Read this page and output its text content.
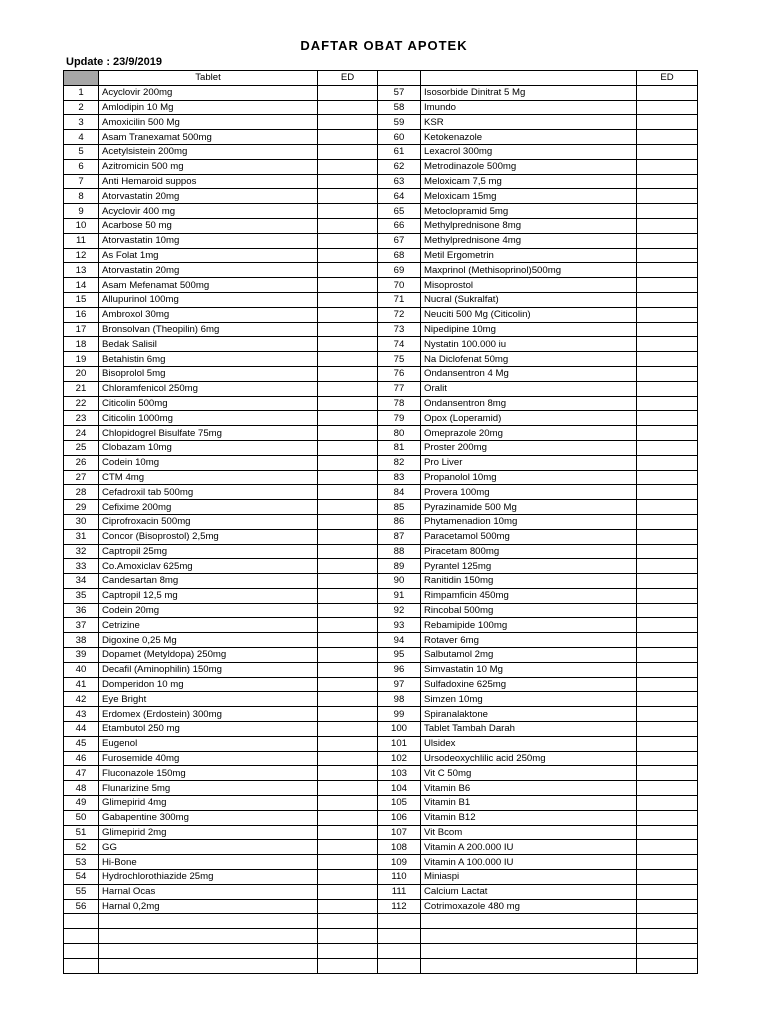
DAFTAR OBAT APOTEK
Update : 23/9/2019
	Tablet	ED			ED
1	Acyclovir 200mg		57	Isosorbide Dinitrat 5 Mg	
2	Amlodipin 10 Mg		58	Imundo	
3	Amoxicilin 500 Mg		59	KSR	
4	Asam Tranexamat 500mg		60	Ketokenazole	
5	Acetylsistein 200mg		61	Lexacrol 300mg	
6	Azitromicin 500 mg		62	Metrodinazole 500mg	
7	Anti Hemaroid suppos		63	Meloxicam 7,5 mg	
8	Atorvastatin 20mg		64	Meloxicam 15mg	
9	Acyclovir 400 mg		65	Metoclopramid 5mg	
10	Acarbose 50 mg		66	Methylprednisone 8mg	
11	Atorvastatin 10mg		67	Methylprednisone 4mg	
12	As Folat 1mg		68	Metil Ergometrin	
13	Atorvastatin 20mg		69	Maxprinol (Methisoprinol)500mg	
14	Asam Mefenamat 500mg		70	Misoprostol	
15	Allupurinol 100mg		71	Nucral (Sukralfat)	
16	Ambroxol 30mg		72	Neuciti 500 Mg (Citicolin)	
17	Bronsolvan (Theopilin) 6mg		73	Nipedipine 10mg	
18	Bedak Salisil		74	Nystatin 100.000 iu	
19	Betahistin 6mg		75	Na Diclofenat 50mg	
20	Bisoprolol 5mg		76	Ondansentron 4 Mg	
21	Chloramfenicol 250mg		77	Oralit	
22	Citicolin 500mg		78	Ondansentron 8mg	
23	Citicolin 1000mg		79	Opox (Loperamid)	
24	Chlopidogrel Bisulfate 75mg		80	Omeprazole 20mg	
25	Clobazam 10mg		81	Proster 200mg	
26	Codein 10mg		82	Pro Liver	
27	CTM 4mg		83	Propanolol 10mg	
28	Cefadroxil tab 500mg		84	Provera 100mg	
29	Cefixime 200mg		85	Pyrazinamide 500 Mg	
30	Ciprofroxacin 500mg		86	Phytamenadion 10mg	
31	Concor (Bisoprostol) 2,5mg		87	Paracetamol 500mg	
32	Captropil 25mg		88	Piracetam 800mg	
33	Co.Amoxiclav 625mg		89	Pyrantel 125mg	
34	Candesartan 8mg		90	Ranitidin 150mg	
35	Captropil 12,5 mg		91	Rimpamficin 450mg	
36	Codein 20mg		92	Rincobal 500mg	
37	Cetrizine		93	Rebamipide 100mg	
38	Digoxine 0,25 Mg		94	Rotaver 6mg	
39	Dopamet (Metyldopa) 250mg		95	Salbutamol 2mg	
40	Decafil (Aminophilin) 150mg		96	Simvastatin 10 Mg	
41	Domperidon 10 mg		97	Sulfadoxine 625mg	
42	Eye Bright		98	Simzen 10mg	
43	Erdomex (Erdostein) 300mg		99	Spiranalaktone	
44	Etambutol 250 mg		100	Tablet Tambah Darah	
45	Eugenol		101	Ulsidex	
46	Furosemide 40mg		102	Ursodeoxychlilic acid 250mg	
47	Fluconazole 150mg		103	Vit C 50mg	
48	Flunarizine 5mg		104	Vitamin B6	
49	Glimepirid 4mg		105	Vitamin B1	
50	Gabapentine 300mg		106	Vitamin B12	
51	Glimepirid 2mg		107	Vit Bcom	
52	GG		108	Vitamin A 200.000 IU	
53	Hi-Bone		109	Vitamin A 100.000 IU	
54	Hydrochlorothiazide 25mg		110	Miniaspi	
55	Harnal Ocas		111	Calcium Lactat	
56	Harnal 0,2mg		112	Cotrimoxazole 480 mg	
